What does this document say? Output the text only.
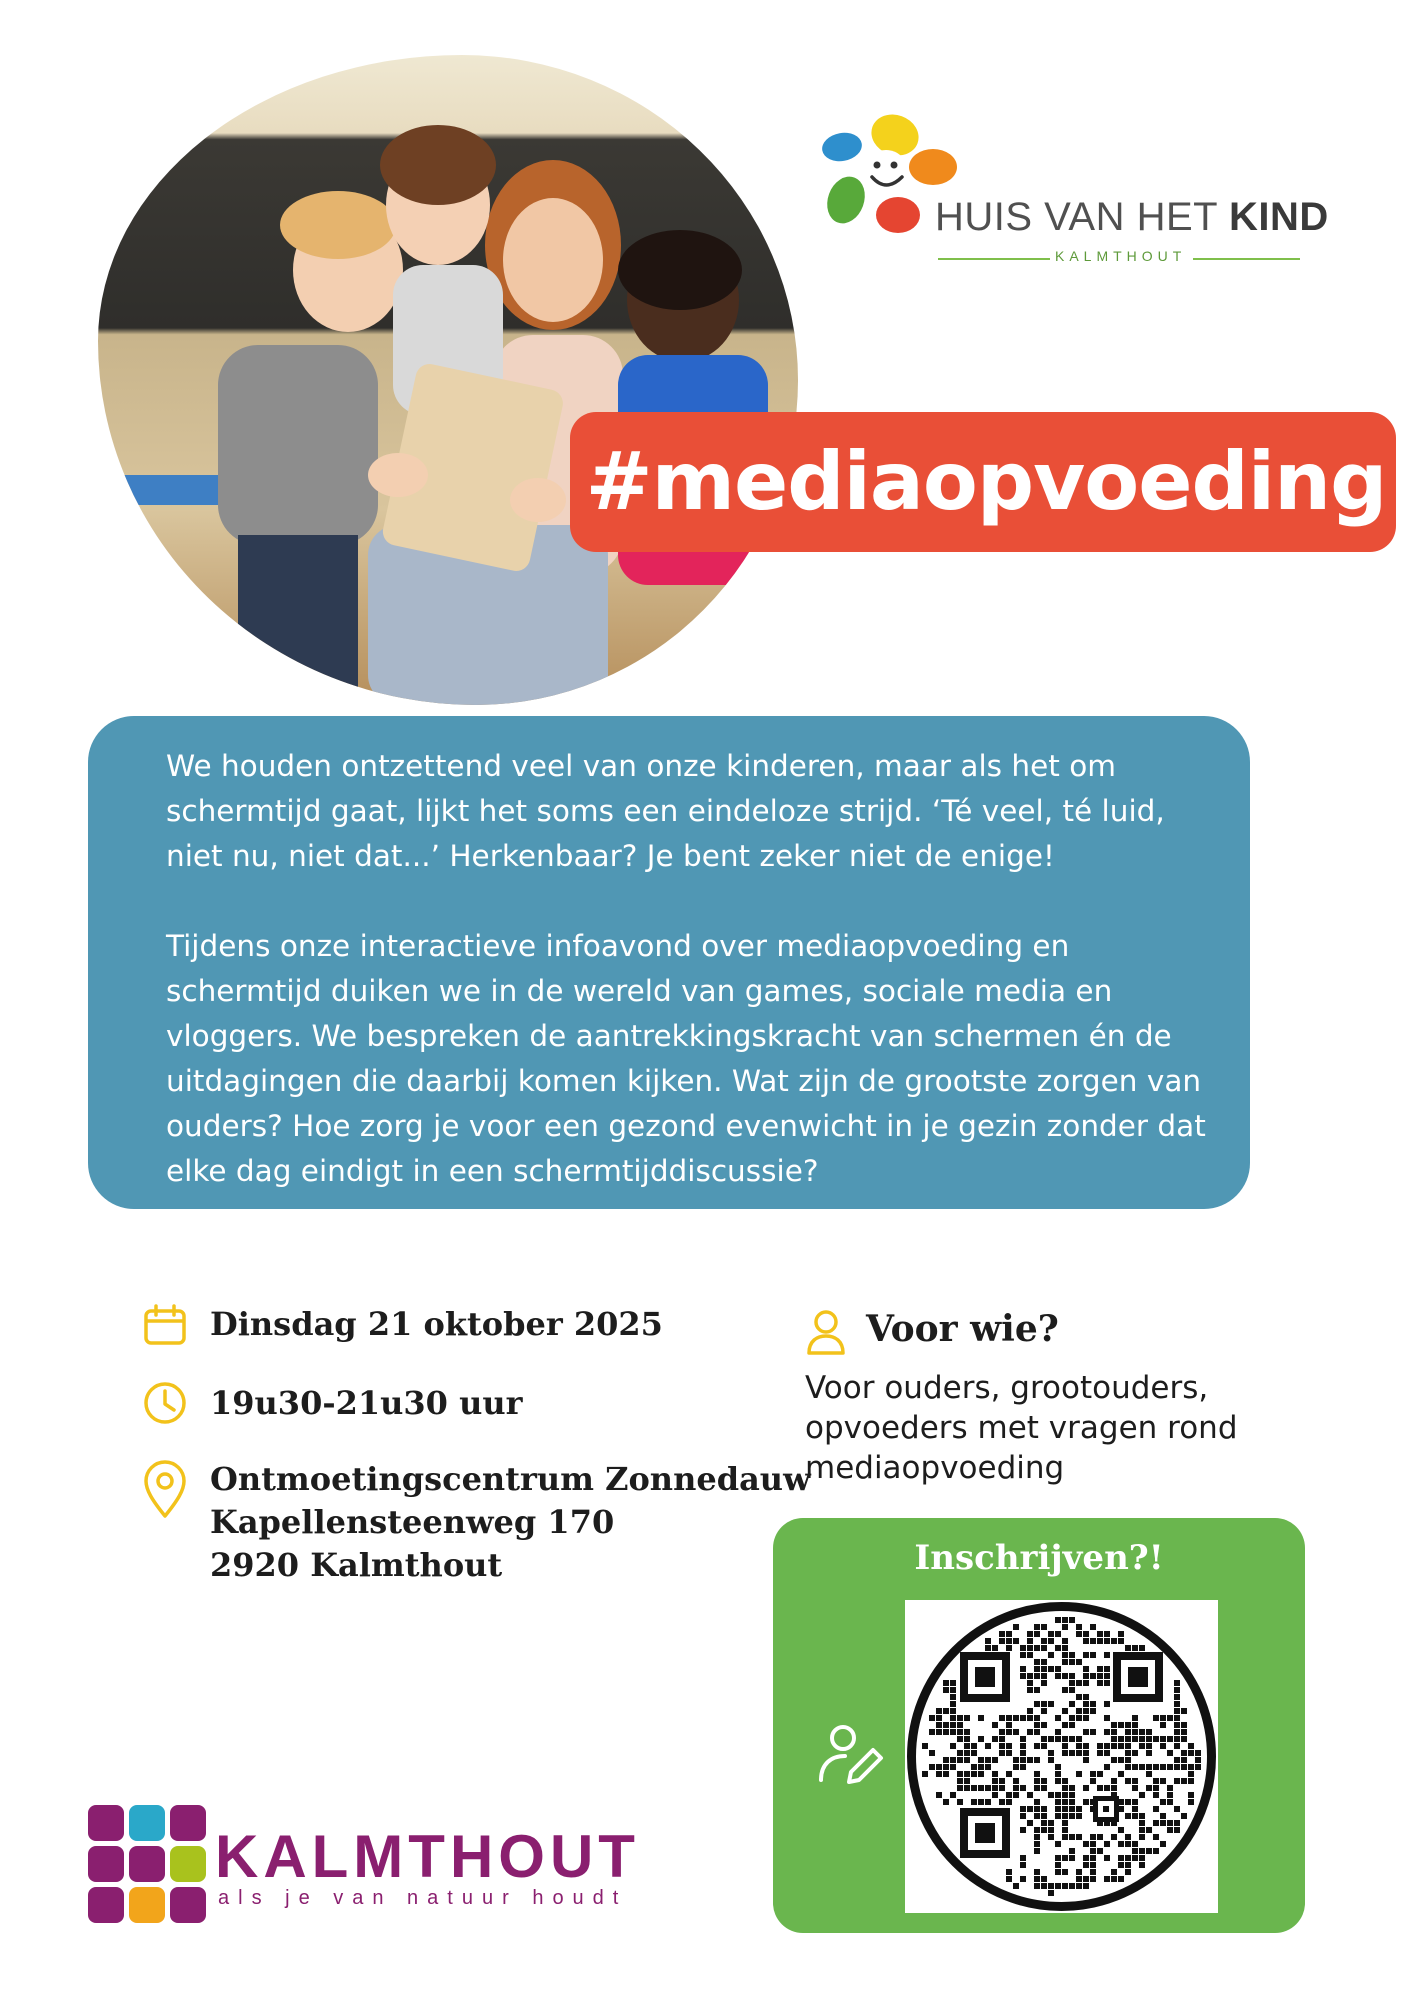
HUIS VAN HET KIND
KALMTHOUT
#mediaopvoeding

We houden ontzettend veel van onze kinderen, maar als het om schermtijd gaat, lijkt het soms een eindeloze strijd. ‘Té veel, té luid, niet nu, niet dat...’ Herkenbaar? Je bent zeker niet de enige!

Tijdens onze interactieve infoavond over mediaopvoeding en schermtijd duiken we in de wereld van games, sociale media en vloggers. We bespreken de aantrekkingskracht van schermen én de uitdagingen die daarbij komen kijken. Wat zijn de grootste zorgen van ouders? Hoe zorg je voor een gezond evenwicht in je gezin zonder dat elke dag eindigt in een schermtijddiscussie?

Dinsdag 21 oktober 2025
19u30-21u30 uur
Ontmoetingscentrum Zonnedauw
Kapellensteenweg 170
2920 Kalmthout
Voor wie?
Voor ouders, grootouders, opvoeders met vragen rond mediaopvoeding
Inschrijven?!
KALMTHOUT
als je van natuur houdt
